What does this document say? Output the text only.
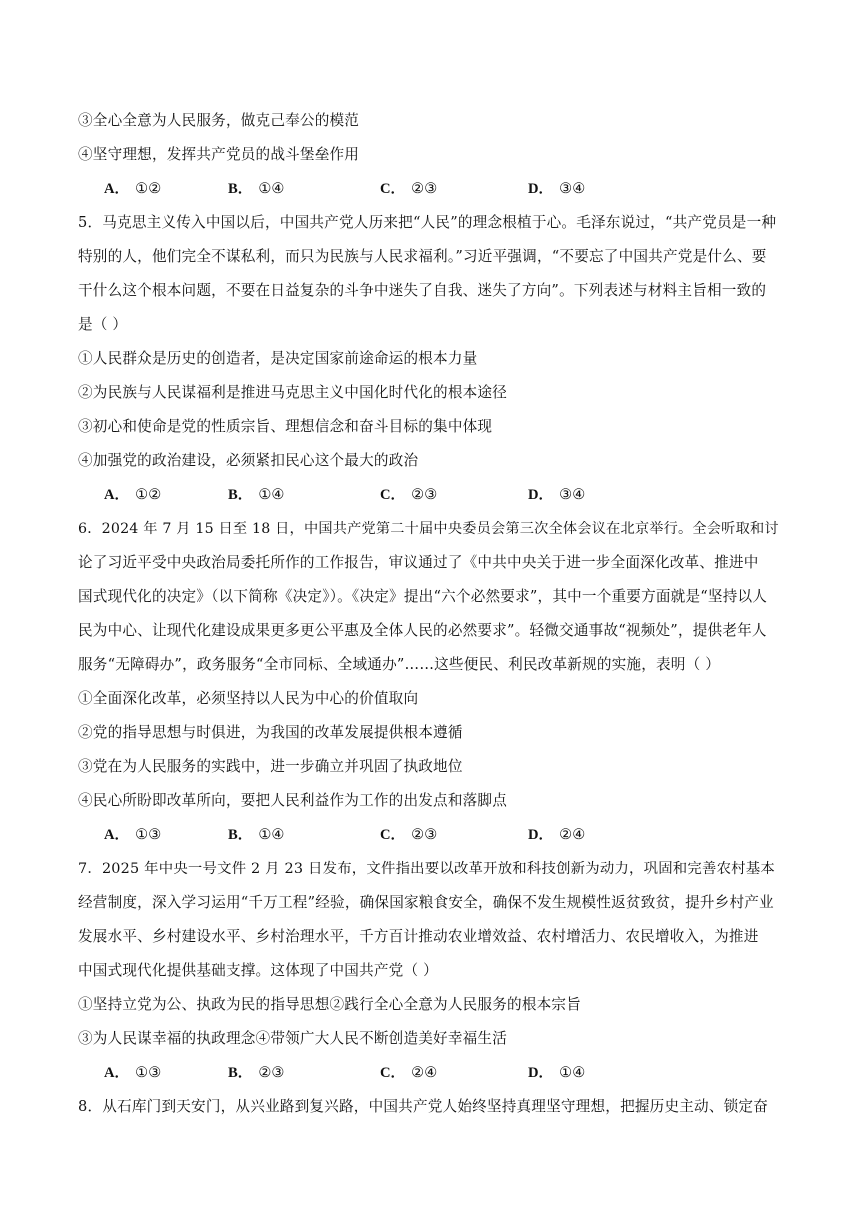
③全心全意为人民服务，做克己奉公的模范
④坚守理想，发挥共产党员的战斗堡垒作用
A． ①②	B． ①④	C． ②③	D． ③④
5．马克思主义传入中国以后，中国共产党人历来把“人民”的理念根植于心。毛泽东说过，“共产党员是一种
特别的人，他们完全不谋私利，而只为民族与人民求福利。”习近平强调，“不要忘了中国共产党是什么、要
干什么这个根本问题，不要在日益复杂的斗争中迷失了自我、迷失了方向”。下列表述与材料主旨相一致的
是（ ）
①人民群众是历史的创造者，是决定国家前途命运的根本力量
②为民族与人民谋福利是推进马克思主义中国化时代化的根本途径
③初心和使命是党的性质宗旨、理想信念和奋斗目标的集中体现
④加强党的政治建设，必须紧扣民心这个最大的政治
A． ①②	B． ①④	C． ②③	D． ③④
6．2024 年 7 月 15 日至 18 日，中国共产党第二十届中央委员会第三次全体会议在北京举行。全会听取和讨
论了习近平受中央政治局委托所作的工作报告，审议通过了《中共中央关于进一步全面深化改革、推进中
国式现代化的决定》（以下简称《决定》）。《决定》提出“六个必然要求”，其中一个重要方面就是“坚持以人
民为中心、让现代化建设成果更多更公平惠及全体人民的必然要求”。轻微交通事故“视频处”，提供老年人
服务“无障碍办”，政务服务“全市同标、全域通办”……这些便民、利民改革新规的实施，表明（ ）
①全面深化改革，必须坚持以人民为中心的价值取向
②党的指导思想与时俱进，为我国的改革发展提供根本遵循
③党在为人民服务的实践中，进一步确立并巩固了执政地位
④民心所盼即改革所向，要把人民利益作为工作的出发点和落脚点
A． ①③	B． ①④	C． ②③	D． ②④
7．2025 年中央一号文件 2 月 23 日发布，文件指出要以改革开放和科技创新为动力，巩固和完善农村基本
经营制度，深入学习运用“千万工程”经验，确保国家粮食安全，确保不发生规模性返贫致贫，提升乡村产业
发展水平、乡村建设水平、乡村治理水平，千方百计推动农业增效益、农村增活力、农民增收入，为推进
中国式现代化提供基础支撑。这体现了中国共产党（ ）
①坚持立党为公、执政为民的指导思想②践行全心全意为人民服务的根本宗旨
③为人民谋幸福的执政理念④带领广大人民不断创造美好幸福生活
A． ①③	B． ②③	C． ②④	D． ①④
8．从石库门到天安门，从兴业路到复兴路，中国共产党人始终坚持真理坚守理想，把握历史主动、锁定奋
